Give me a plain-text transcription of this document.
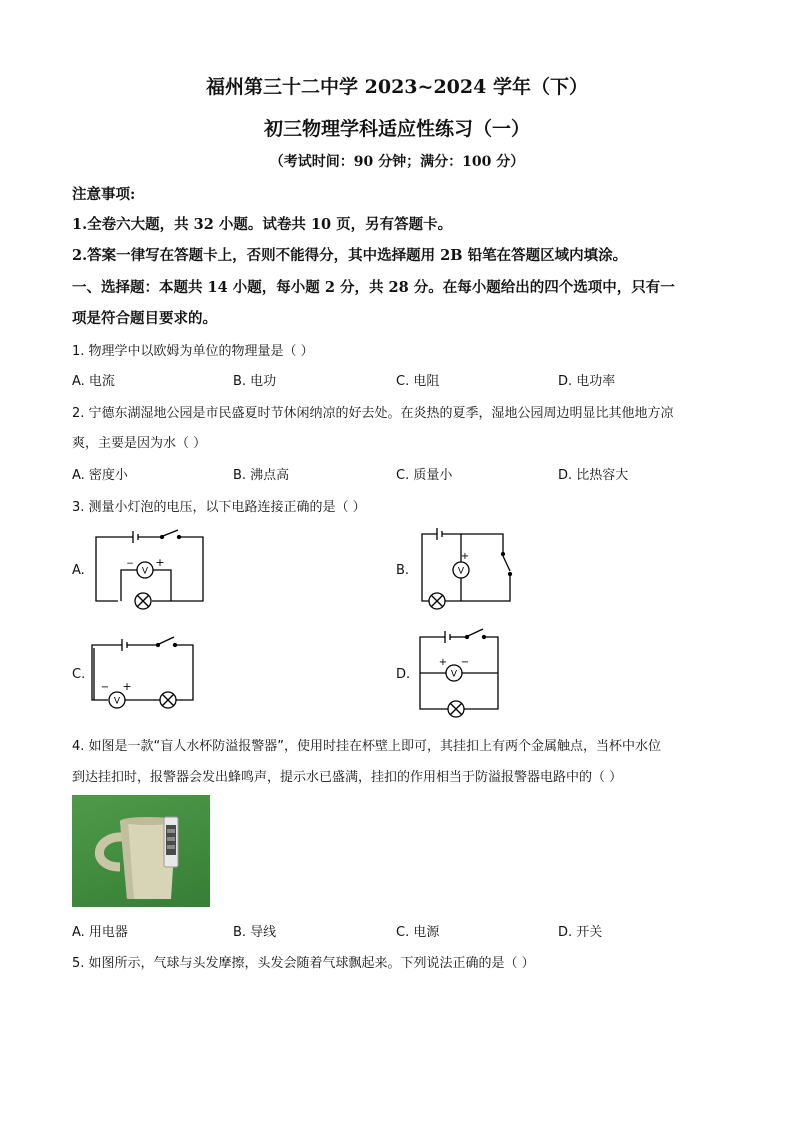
福州第三十二中学 2023~2024 学年（下）
初三物理学科适应性练习（一）
（考试时间：90 分钟；满分：100 分）
注意事项:
1.全卷六大题，共 32 小题。试卷共 10 页，另有答题卡。
2.答案一律写在答题卡上，否则不能得分，其中选择题用 2B 铅笔在答题区域内填涂。
一、选择题：本题共 14 小题，每小题 2 分，共 28 分。在每小题给出的四个选项中，只有一
项是符合题目要求的。
1. 物理学中以欧姆为单位的物理量是（ ）
A. 电流	B. 电功	C. 电阻	D. 电功率
2. 宁德东湖湿地公园是市民盛夏时节休闲纳凉的好去处。在炎热的夏季，湿地公园周边明显比其他地方凉
爽，主要是因为水（ ）
A. 密度小	B. 沸点高	C. 质量小	D. 比热容大
3. 测量小灯泡的电压，以下电路连接正确的是（ ）
A.	B.
C.	D.
V
− +
V
+
V
− +
V
+ −
4. 如图是一款“盲人水杯防溢报警器”，使用时挂在杯壁上即可，其挂扣上有两个金属触点，当杯中水位
到达挂扣时，报警器会发出蜂鸣声，提示水已盛满，挂扣的作用相当于防溢报警器电路中的（ ）
A. 用电器	B. 导线	C. 电源	D. 开关
5. 如图所示，气球与头发摩擦，头发会随着气球飘起来。下列说法正确的是（ ）
